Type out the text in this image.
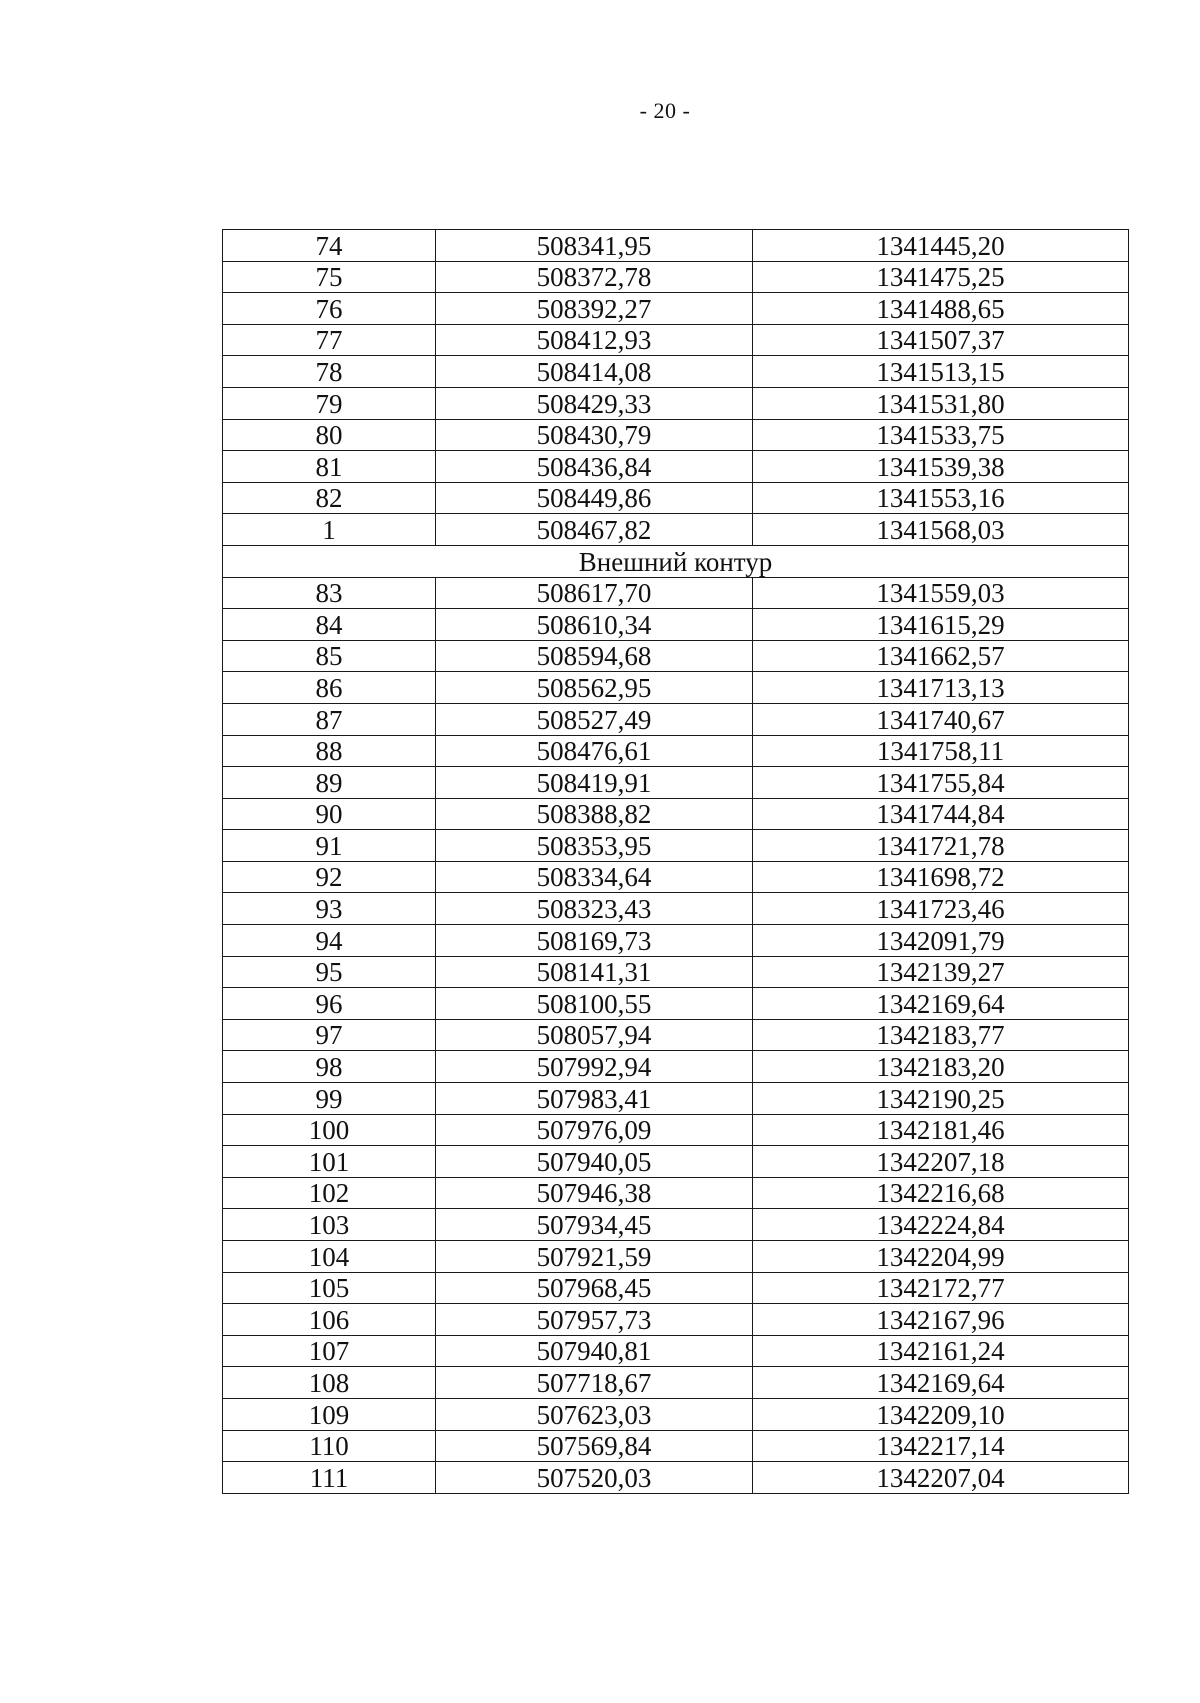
- 20 -
74	508341,95	1341445,20
75	508372,78	1341475,25
76	508392,27	1341488,65
77	508412,93	1341507,37
78	508414,08	1341513,15
79	508429,33	1341531,80
80	508430,79	1341533,75
81	508436,84	1341539,38
82	508449,86	1341553,16
1	508467,82	1341568,03
Внешний контур		
83	508617,70	1341559,03
84	508610,34	1341615,29
85	508594,68	1341662,57
86	508562,95	1341713,13
87	508527,49	1341740,67
88	508476,61	1341758,11
89	508419,91	1341755,84
90	508388,82	1341744,84
91	508353,95	1341721,78
92	508334,64	1341698,72
93	508323,43	1341723,46
94	508169,73	1342091,79
95	508141,31	1342139,27
96	508100,55	1342169,64
97	508057,94	1342183,77
98	507992,94	1342183,20
99	507983,41	1342190,25
100	507976,09	1342181,46
101	507940,05	1342207,18
102	507946,38	1342216,68
103	507934,45	1342224,84
104	507921,59	1342204,99
105	507968,45	1342172,77
106	507957,73	1342167,96
107	507940,81	1342161,24
108	507718,67	1342169,64
109	507623,03	1342209,10
110	507569,84	1342217,14
111	507520,03	1342207,04
